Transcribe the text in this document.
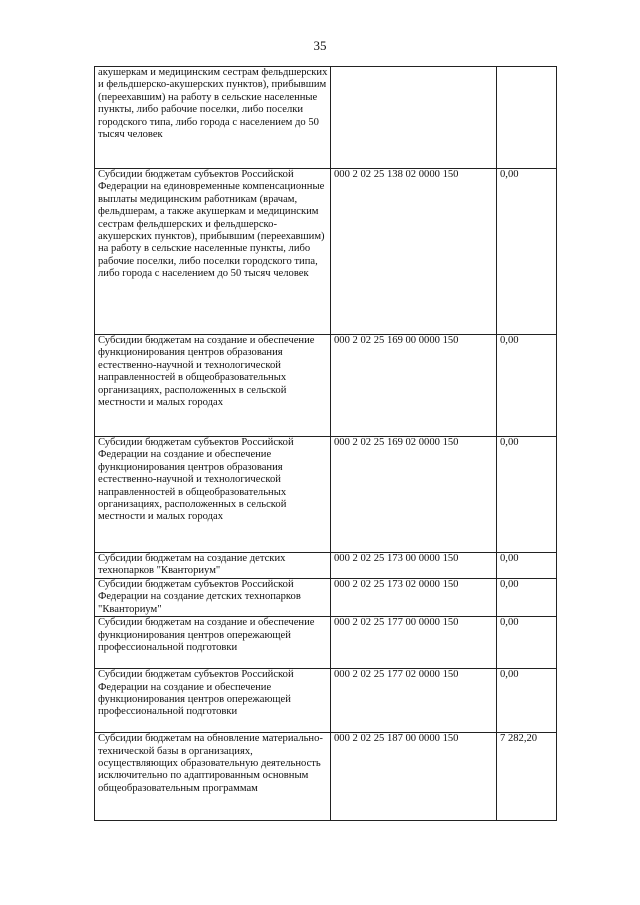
35
акушеркам и медицинским сестрам фельдшерских и фельдшерско-акушерских пунктов), прибывшим (переехавшим) на работу в сельские населенные пункты, либо рабочие поселки, либо поселки городского типа, либо города с населением до 50 тысяч человек		
Субсидии бюджетам субъектов Российской Федерации на единовременные компенсационные выплаты медицинским работникам (врачам, фельдшерам, а также акушеркам и медицинским сестрам фельдшерских и фельдшерско-акушерских пунктов), прибывшим (переехавшим) на работу в сельские населенные пункты, либо рабочие поселки, либо поселки городского типа, либо города с населением до 50 тысяч человек	000 2 02 25 138 02 0000 150	0,00
Субсидии бюджетам на создание и обеспечение функционирования центров образования естественно-научной и технологической направленностей в общеобразовательных организациях, расположенных в сельской местности и малых городах	000 2 02 25 169 00 0000 150	0,00
Субсидии бюджетам субъектов Российской Федерации на создание и обеспечение функционирования центров образования естественно-научной и технологической направленностей в общеобразовательных организациях, расположенных в сельской местности и малых городах	000 2 02 25 169 02 0000 150	0,00
Субсидии бюджетам на создание детских технопарков "Кванториум"	000 2 02 25 173 00 0000 150	0,00
Субсидии бюджетам субъектов Российской Федерации на создание детских технопарков "Кванториум"	000 2 02 25 173 02 0000 150	0,00
Субсидии бюджетам на создание и обеспечение функционирования центров опережающей профессиональной подготовки	000 2 02 25 177 00 0000 150	0,00
Субсидии бюджетам субъектов Российской Федерации на создание и обеспечение функционирования центров опережающей профессиональной подготовки	000 2 02 25 177 02 0000 150	0,00
Субсидии бюджетам на обновление материально-технической базы в организациях, осуществляющих образовательную деятельность исключительно по адаптированным основным общеобразовательным программам	000 2 02 25 187 00 0000 150	7 282,20
